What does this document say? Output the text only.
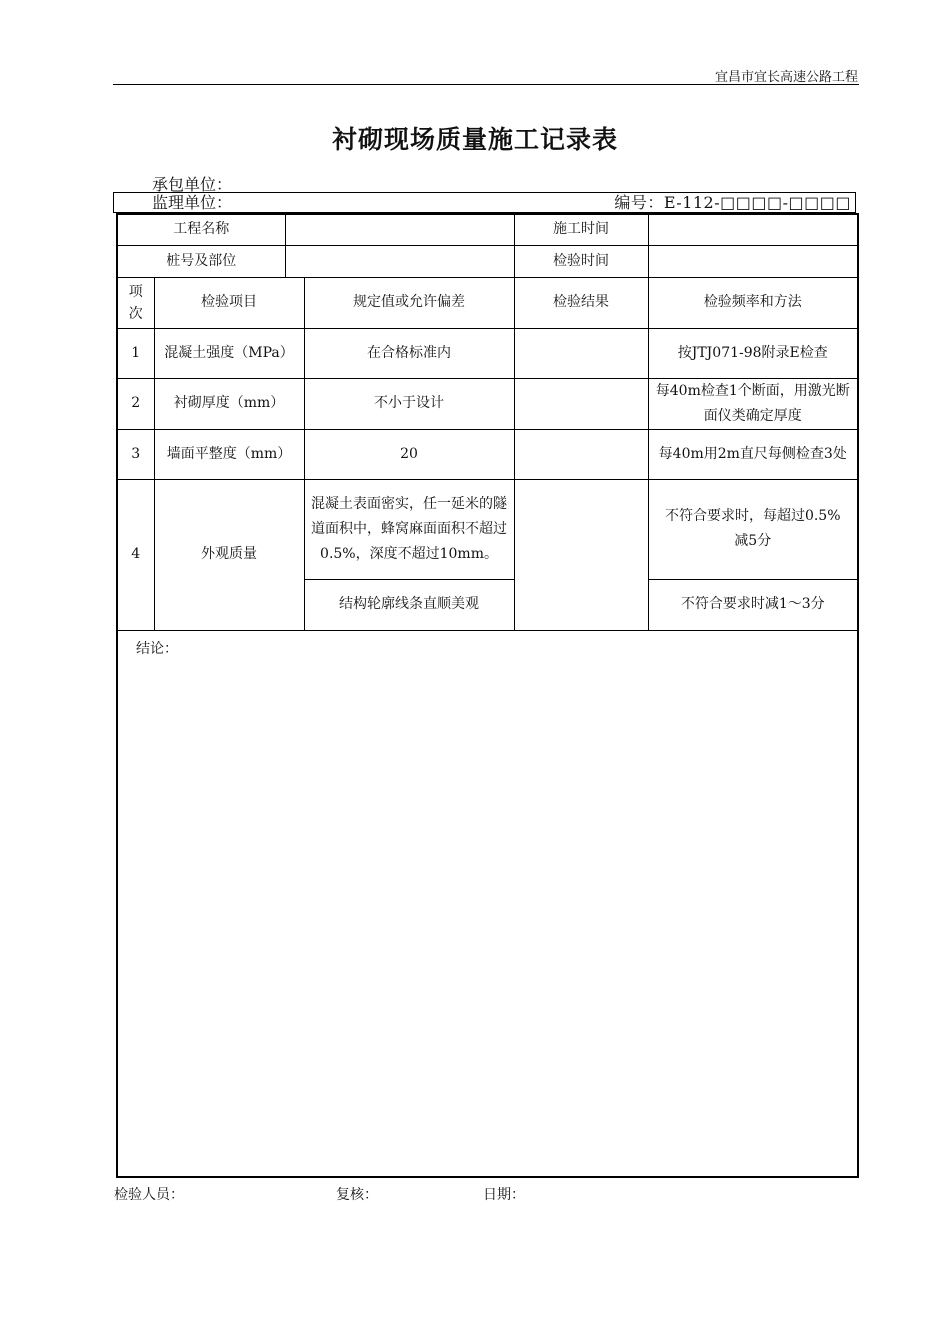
宜昌市宜长高速公路工程
衬砌现场质量施工记录表
承包单位：
监理单位：	编号：E-112-□□□□-□□□□
工程名称				施工时间	
桩号及部位				检验时间	
项次	检验项目		规定值或允许偏差	检验结果	检验频率和方法
1	混凝土强度（MPa）		在合格标准内		按JTJ071-98附录E检查
2	衬砌厚度（mm）		不小于设计		每40m检查1个断面，用激光断面仪类确定厚度
3	墙面平整度（mm）		20		每40m用2m直尺每侧检查3处
4	外观质量		混凝土表面密实，任一延米的隧道面积中，蜂窝麻面面积不超过0.5%，深度不超过10mm。		不符合要求时，每超过0.5%减5分
			结构轮廓线条直顺美观		不符合要求时减1～3分
结论：					
检验人员：	复核：	日期：
